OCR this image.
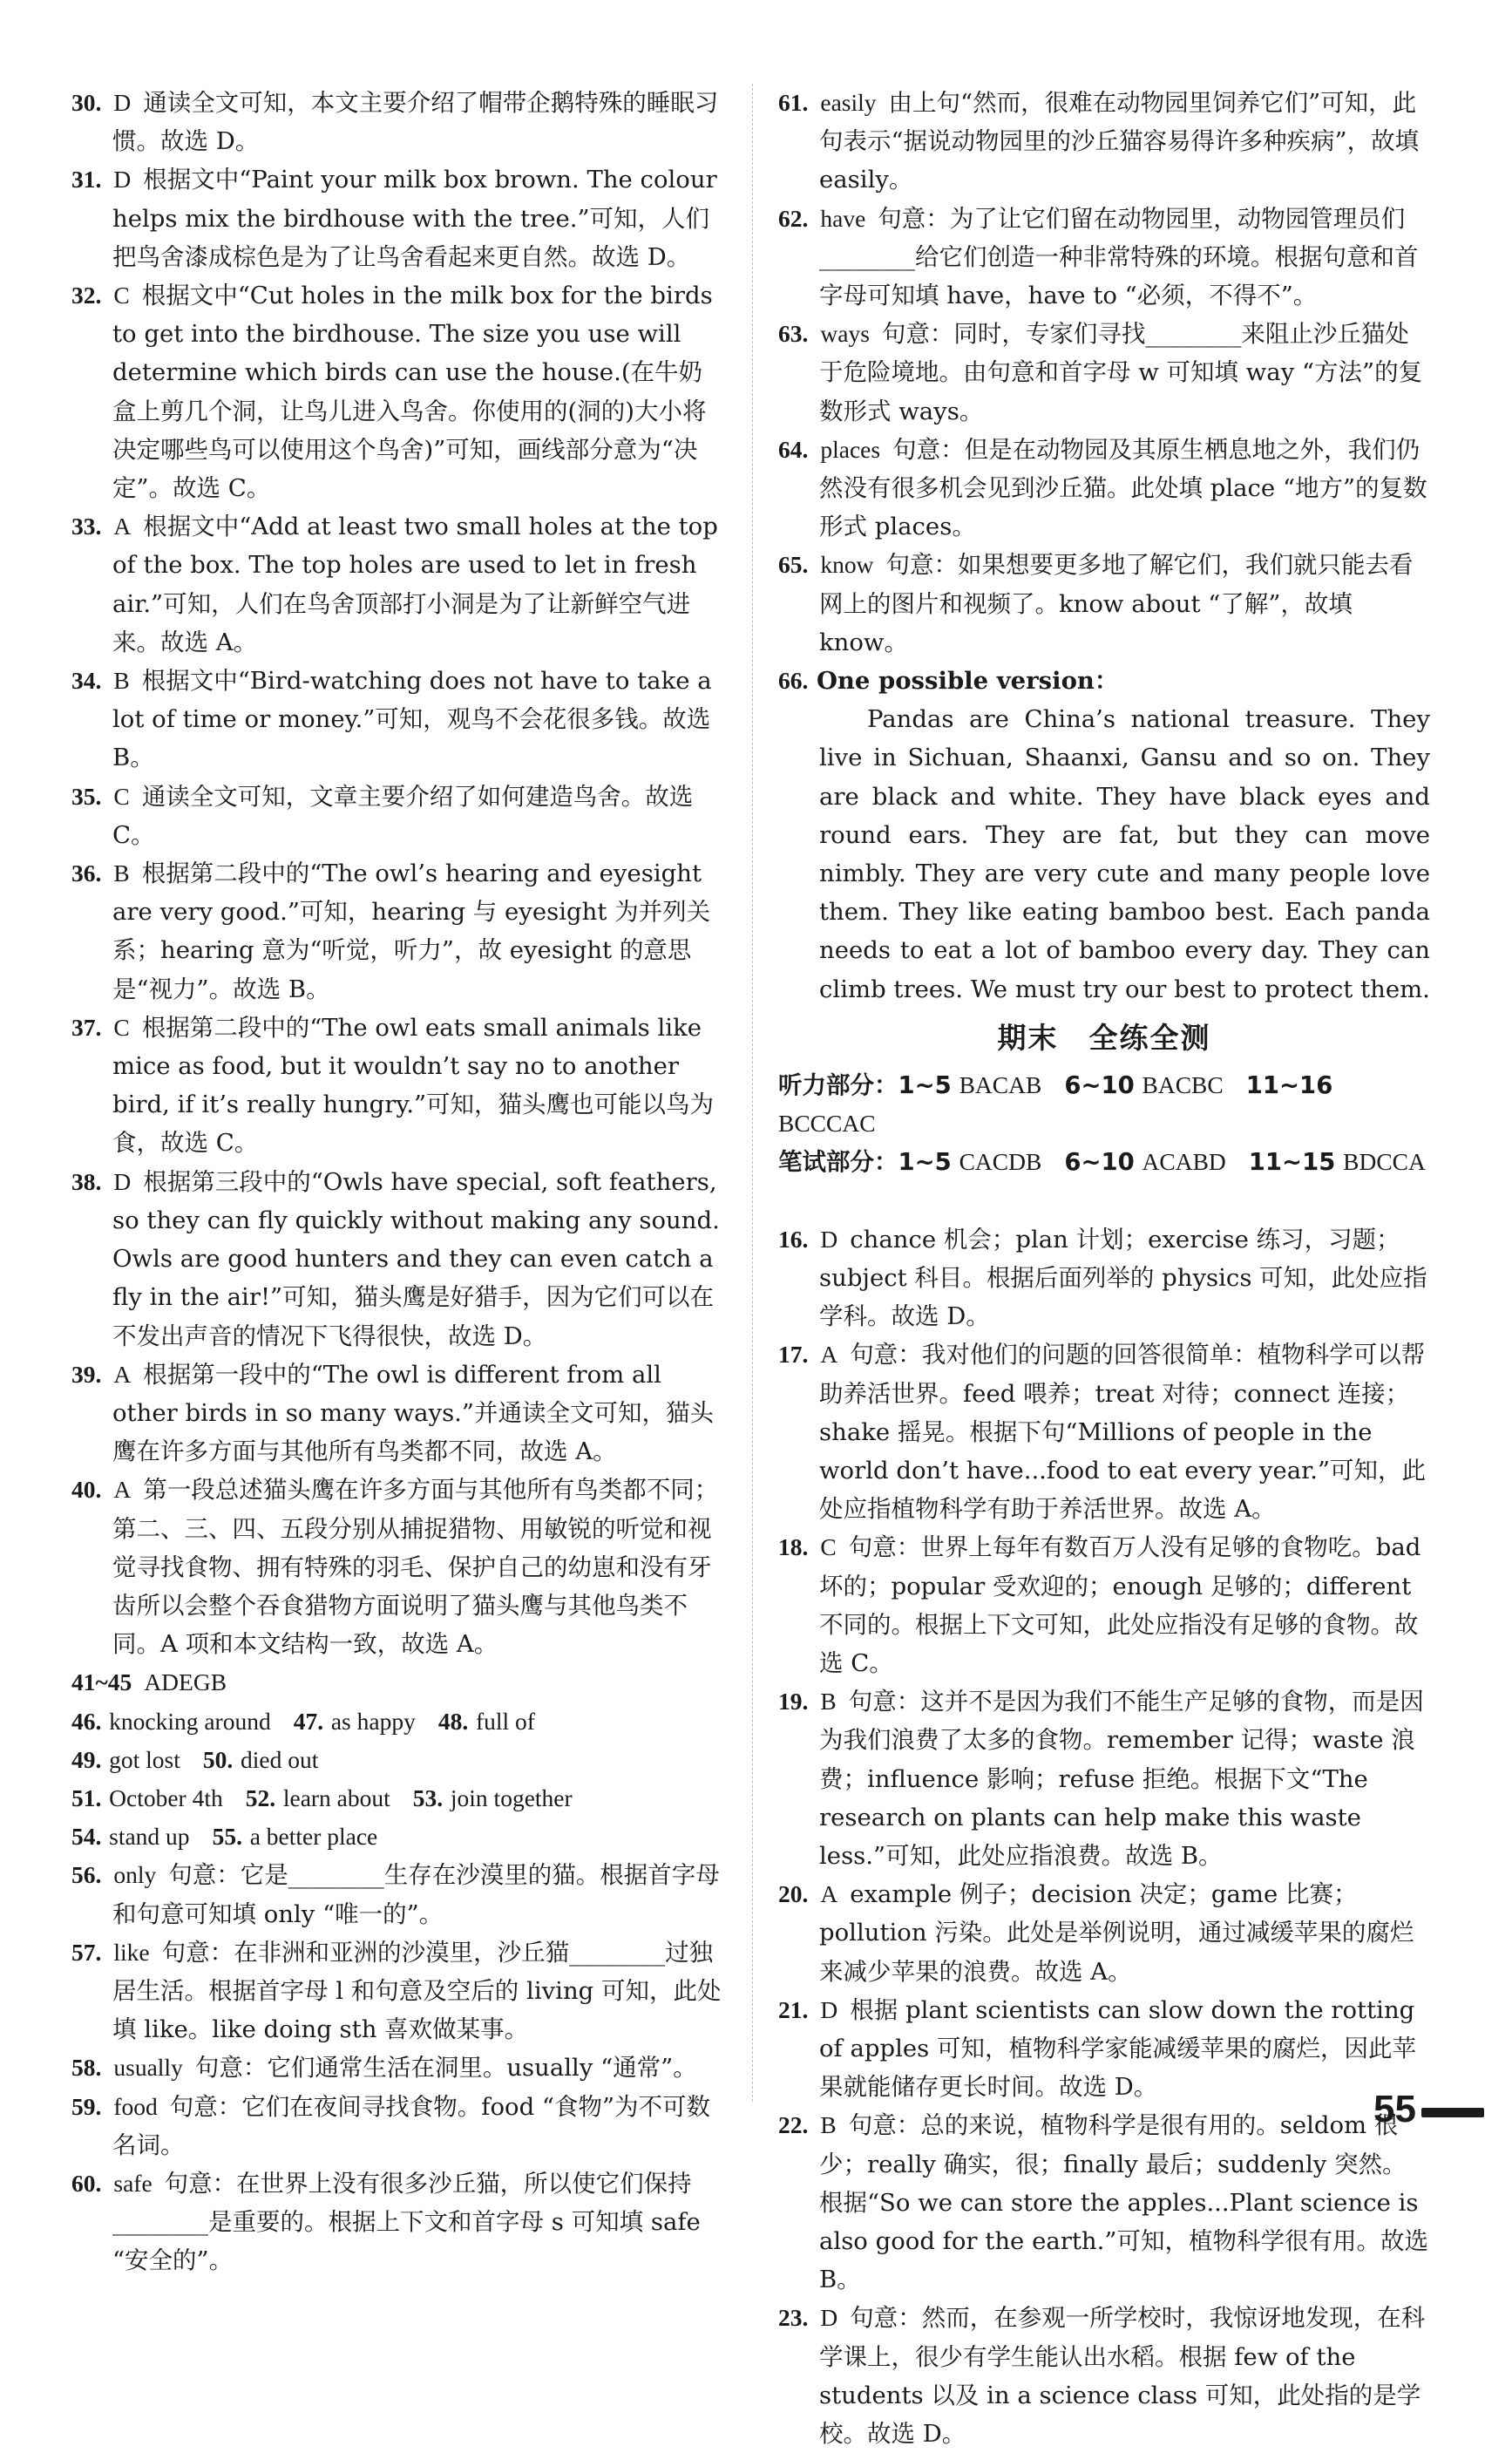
30. D 通读全文可知，本文主要介绍了帽带企鹅特殊的睡眠习惯。故选 D。
31. D 根据文中“Paint your milk box brown. The colour helps mix the birdhouse with the tree.”可知，人们把鸟舍漆成棕色是为了让鸟舍看起来更自然。故选 D。
32. C 根据文中“Cut holes in the milk box for the birds to get into the birdhouse. The size you use will determine which birds can use the house.(在牛奶盒上剪几个洞，让鸟儿进入鸟舍。你使用的(洞的)大小将决定哪些鸟可以使用这个鸟舍)”可知，画线部分意为“决定”。故选 C。
33. A 根据文中“Add at least two small holes at the top of the box. The top holes are used to let in fresh air.”可知，人们在鸟舍顶部打小洞是为了让新鲜空气进来。故选 A。
34. B 根据文中“Bird-watching does not have to take a lot of time or money.”可知，观鸟不会花很多钱。故选 B。
35. C 通读全文可知，文章主要介绍了如何建造鸟舍。故选 C。
36. B 根据第二段中的“The owl’s hearing and eyesight are very good.”可知，hearing 与 eyesight 为并列关系；hearing 意为“听觉，听力”，故 eyesight 的意思是“视力”。故选 B。
37. C 根据第二段中的“The owl eats small animals like mice as food, but it wouldn’t say no to another bird, if it’s really hungry.”可知，猫头鹰也可能以鸟为食，故选 C。
38. D 根据第三段中的“Owls have special, soft feathers, so they can fly quickly without making any sound. Owls are good hunters and they can even catch a fly in the air!”可知，猫头鹰是好猎手，因为它们可以在不发出声音的情况下飞得很快，故选 D。
39. A 根据第一段中的“The owl is different from all other birds in so many ways.”并通读全文可知，猫头鹰在许多方面与其他所有鸟类都不同，故选 A。
40. A 第一段总述猫头鹰在许多方面与其他所有鸟类都不同；第二、三、四、五段分别从捕捉猎物、用敏锐的听觉和视觉寻找食物、拥有特殊的羽毛、保护自己的幼崽和没有牙齿所以会整个吞食猎物方面说明了猫头鹰与其他鸟类不同。A 项和本文结构一致，故选 A。
41~45 ADEGB
46. knocking around 47. as happy 48. full of
49. got lost 50. died out
51. October 4th 52. learn about 53. join together
54. stand up 55. a better place
56. only 句意：它是________生存在沙漠里的猫。根据首字母和句意可知填 only “唯一的”。
57. like 句意：在非洲和亚洲的沙漠里，沙丘猫________过独居生活。根据首字母 l 和句意及空后的 living 可知，此处填 like。like doing sth 喜欢做某事。
58. usually 句意：它们通常生活在洞里。usually “通常”。
59. food 句意：它们在夜间寻找食物。food “食物”为不可数名词。
60. safe 句意：在世界上没有很多沙丘猫，所以使它们保持________是重要的。根据上下文和首字母 s 可知填 safe “安全的”。
61. easily 由上句“然而，很难在动物园里饲养它们”可知，此句表示“据说动物园里的沙丘猫容易得许多种疾病”，故填 easily。
62. have 句意：为了让它们留在动物园里，动物园管理员们________给它们创造一种非常特殊的环境。根据句意和首字母可知填 have，have to “必须，不得不”。
63. ways 句意：同时，专家们寻找________来阻止沙丘猫处于危险境地。由句意和首字母 w 可知填 way “方法”的复数形式 ways。
64. places 句意：但是在动物园及其原生栖息地之外，我们仍然没有很多机会见到沙丘猫。此处填 place “地方”的复数形式 places。
65. know 句意：如果想要更多地了解它们，我们就只能去看网上的图片和视频了。know about “了解”，故填 know。
66. One possible version：

Pandas are China’s national treasure. They live in Sichuan, Shaanxi, Gansu and so on. They are black and white. They have black eyes and round ears. They are fat, but they can move nimbly. They are very cute and many people love them. They like eating bamboo best. Each panda needs to eat a lot of bamboo every day. They can climb trees. We must try our best to protect them.

期末　全练全测
听力部分：1~5 BACAB 6~10 BACBC 11~16 BCCCAC
笔试部分：1~5 CACDB 6~10 ACABD 11~15 BDCCA
16. D chance 机会；plan 计划；exercise 练习，习题；subject 科目。根据后面列举的 physics 可知，此处应指学科。故选 D。
17. A 句意：我对他们的问题的回答很简单：植物科学可以帮助养活世界。feed 喂养；treat 对待；connect 连接；shake 摇晃。根据下句“Millions of people in the world don’t have...food to eat every year.”可知，此处应指植物科学有助于养活世界。故选 A。
18. C 句意：世界上每年有数百万人没有足够的食物吃。bad 坏的；popular 受欢迎的；enough 足够的；different 不同的。根据上下文可知，此处应指没有足够的食物。故选 C。
19. B 句意：这并不是因为我们不能生产足够的食物，而是因为我们浪费了太多的食物。remember 记得；waste 浪费；influence 影响；refuse 拒绝。根据下文“The research on plants can help make this waste less.”可知，此处应指浪费。故选 B。
20. A example 例子；decision 决定；game 比赛；pollution 污染。此处是举例说明，通过减缓苹果的腐烂来减少苹果的浪费。故选 A。
21. D 根据 plant scientists can slow down the rotting of apples 可知，植物科学家能减缓苹果的腐烂，因此苹果就能储存更长时间。故选 D。
22. B 句意：总的来说，植物科学是很有用的。seldom 很少；really 确实，很；finally 最后；suddenly 突然。根据“So we can store the apples...Plant science is also good for the earth.”可知，植物科学很有用。故选 B。
23. D 句意：然而，在参观一所学校时，我惊讶地发现，在科学课上，很少有学生能认出水稻。根据 few of the students 以及 in a science class 可知，此处指的是学校。故选 D。
55
